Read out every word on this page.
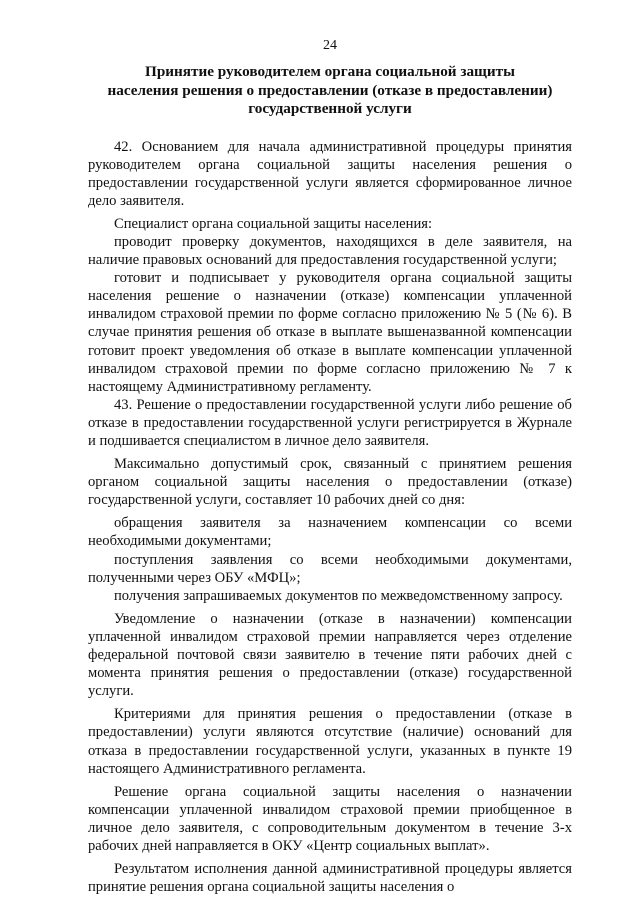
24
Принятие руководителем органа социальной защиты
населения решения о предоставлении (отказе в предоставлении)
государственной услуги

42. Основанием для начала административной процедуры принятия руководителем органа социальной защиты населения решения о предоставлении государственной услуги является сформированное личное дело заявителя.

Специалист органа социальной защиты населения:

проводит проверку документов, находящихся в деле заявителя, на наличие правовых оснований для предоставления государственной услуги;

готовит и подписывает у руководителя органа социальной защиты населения решение о назначении (отказе) компенсации уплаченной инвалидом страховой премии по форме согласно приложению № 5 (№ 6). В случае принятия решения об отказе в выплате вышеназванной компенсации готовит проект уведомления об отказе в выплате компенсации уплаченной инвалидом страховой премии по форме согласно приложению № 7 к настоящему Административному регламенту.

43. Решение о предоставлении государственной услуги либо решение об отказе в предоставлении государственной услуги регистрируется в Журнале и подшивается специалистом в личное дело заявителя.

Максимально допустимый срок, связанный с принятием решения органом социальной защиты населения о предоставлении (отказе) государственной услуги, составляет 10 рабочих дней со дня:

обращения заявителя за назначением компенсации со всеми необходимыми документами;

поступления заявления со всеми необходимыми документами, полученными через ОБУ «МФЦ»;

получения запрашиваемых документов по межведомственному запросу.

Уведомление о назначении (отказе в назначении) компенсации уплаченной инвалидом страховой премии направляется через отделение федеральной почтовой связи заявителю в течение пяти рабочих дней с момента принятия решения о предоставлении (отказе) государственной услуги.

Критериями для принятия решения о предоставлении (отказе в предоставлении) услуги являются отсутствие (наличие) оснований для отказа в предоставлении государственной услуги, указанных в пункте 19 настоящего Административного регламента.

Решение органа социальной защиты населения о назначении компенсации уплаченной инвалидом страховой премии приобщенное в личное дело заявителя, с сопроводительным документом в течение 3-х рабочих дней направляется в ОКУ «Центр социальных выплат».

Результатом исполнения данной административной процедуры является принятие решения органа социальной защиты населения о
